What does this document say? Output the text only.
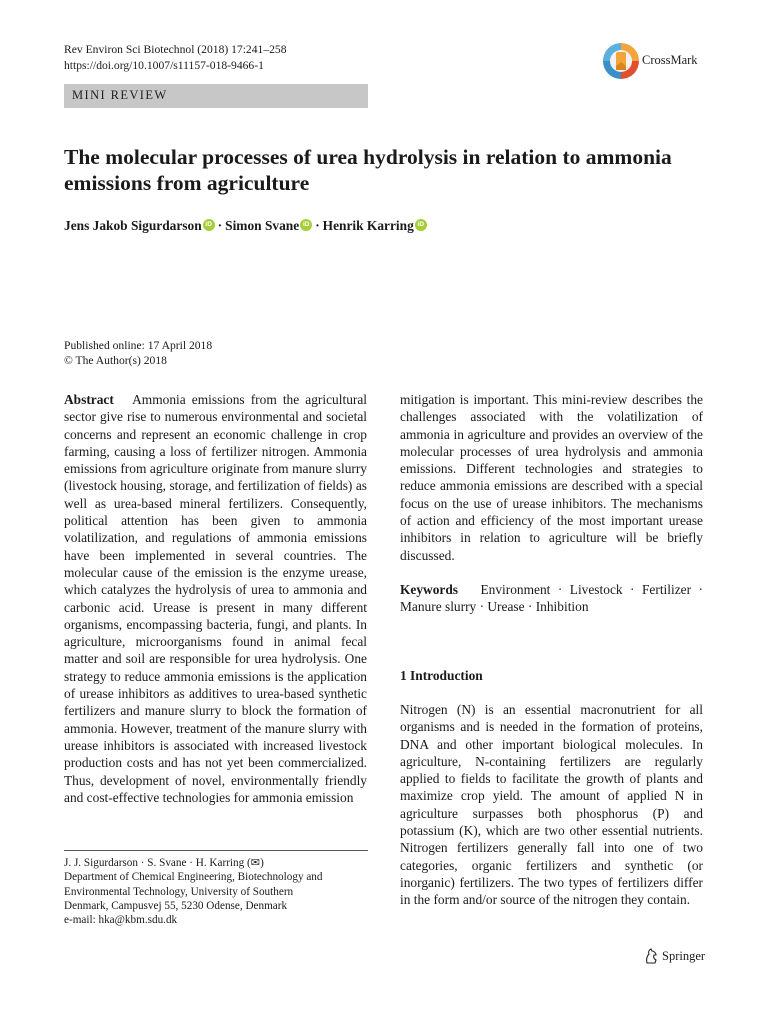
Rev Environ Sci Biotechnol (2018) 17:241–258
https://doi.org/10.1007/s11157-018-9466-1	CrossMark
MINI REVIEW
The molecular processes of urea hydrolysis in relation to ammonia emissions from agriculture
Jens Jakob Sigurdarson iD · Simon Svane iD · Henrik KarringiD
Published online: 17 April 2018
© The Author(s) 2018

Abstract Ammonia emissions from the agricultural sector give rise to numerous environmental and societal concerns and represent an economic challenge in crop farming, causing a loss of fertilizer nitrogen. Ammonia emissions from agriculture originate from manure slurry (livestock housing, storage, and fertilization of fields) as well as urea-based mineral fertilizers. Consequently, political attention has been given to ammonia volatilization, and regulations of ammonia emissions have been implemented in several countries. The molecular cause of the emission is the enzyme urease, which catalyzes the hydrolysis of urea to ammonia and carbonic acid. Urease is present in many different organisms, encompassing bacteria, fungi, and plants. In agriculture, microorganisms found in animal fecal matter and soil are responsible for urea hydrolysis. One strategy to reduce ammonia emissions is the application of urease inhibitors as additives to urea-based synthetic fertilizers and manure slurry to block the formation of ammonia. However, treatment of the manure slurry with urease inhibitors is associated with increased livestock production costs and has not yet been commercialized. Thus, development of novel, environmentally friendly and cost-effective technologies for ammonia emission

mitigation is important. This mini-review describes the challenges associated with the volatilization of ammonia in agriculture and provides an overview of the molecular processes of urea hydrolysis and ammonia emissions. Different technologies and strategies to reduce ammonia emissions are described with a special focus on the use of urease inhibitors. The mechanisms of action and efficiency of the most important urease inhibitors in relation to agriculture will be briefly discussed.

Keywords Environment · Livestock · Fertilizer · Manure slurry · Urease · Inhibition

1 Introduction

Nitrogen (N) is an essential macronutrient for all organisms and is needed in the formation of proteins, DNA and other important biological molecules. In agriculture, N-containing fertilizers are regularly applied to fields to facilitate the growth of plants and maximize crop yield. The amount of applied N in agriculture surpasses both phosphorus (P) and potassium (K), which are two other essential nutrients. Nitrogen fertilizers generally fall into one of two categories, organic fertilizers and synthetic (or inorganic) fertilizers. The two types of fertilizers differ in the form and/or source of the nitrogen they contain.

J. J. Sigurdarson · S. Svane · H. Karring (✉)
Department of Chemical Engineering, Biotechnology and
Environmental Technology, University of Southern
Denmark, Campusvej 55, 5230 Odense, Denmark
e-mail: hka@kbm.sdu.dk
Springer
